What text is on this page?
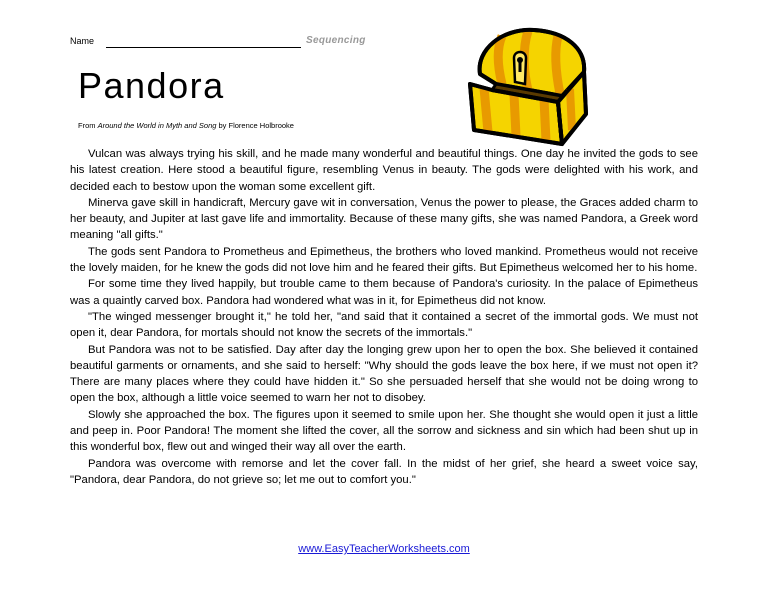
Name	Sequencing
Pandora
From Around the World in Myth and Song by Florence Holbrooke

Vulcan was always trying his skill, and he made many wonderful and beautiful things. One day he invited the gods to see his latest creation. Here stood a beautiful figure, resembling Venus in beauty. The gods were delighted with his work, and decided each to bestow upon the woman some excellent gift.

Minerva gave skill in handicraft, Mercury gave wit in conversation, Venus the power to please, the Graces added charm to her beauty, and Jupiter at last gave life and immortality. Because of these many gifts, she was named Pandora, a Greek word meaning "all gifts."

The gods sent Pandora to Prometheus and Epimetheus, the brothers who loved mankind. Prometheus would not receive the lovely maiden, for he knew the gods did not love him and he feared their gifts. But Epimetheus welcomed her to his home.

For some time they lived happily, but trouble came to them because of Pandora's curiosity. In the palace of Epimetheus was a quaintly carved box. Pandora had wondered what was in it, for Epimetheus did not know.

"The winged messenger brought it," he told her, "and said that it contained a secret of the immortal gods. We must not open it, dear Pandora, for mortals should not know the secrets of the immortals."

But Pandora was not to be satisfied. Day after day the longing grew upon her to open the box. She believed it contained beautiful garments or ornaments, and she said to herself: "Why should the gods leave the box here, if we must not open it? There are many places where they could have hidden it." So she persuaded herself that she would not be doing wrong to open the box, although a little voice seemed to warn her not to disobey.

Slowly she approached the box. The figures upon it seemed to smile upon her. She thought she would open it just a little and peep in. Poor Pandora! The moment she lifted the cover, all the sorrow and sickness and sin which had been shut up in this wonderful box, flew out and winged their way all over the earth.

Pandora was overcome with remorse and let the cover fall. In the midst of her grief, she heard a sweet voice say, "Pandora, dear Pandora, do not grieve so; let me out to comfort you."

www.EasyTeacherWorksheets.com
